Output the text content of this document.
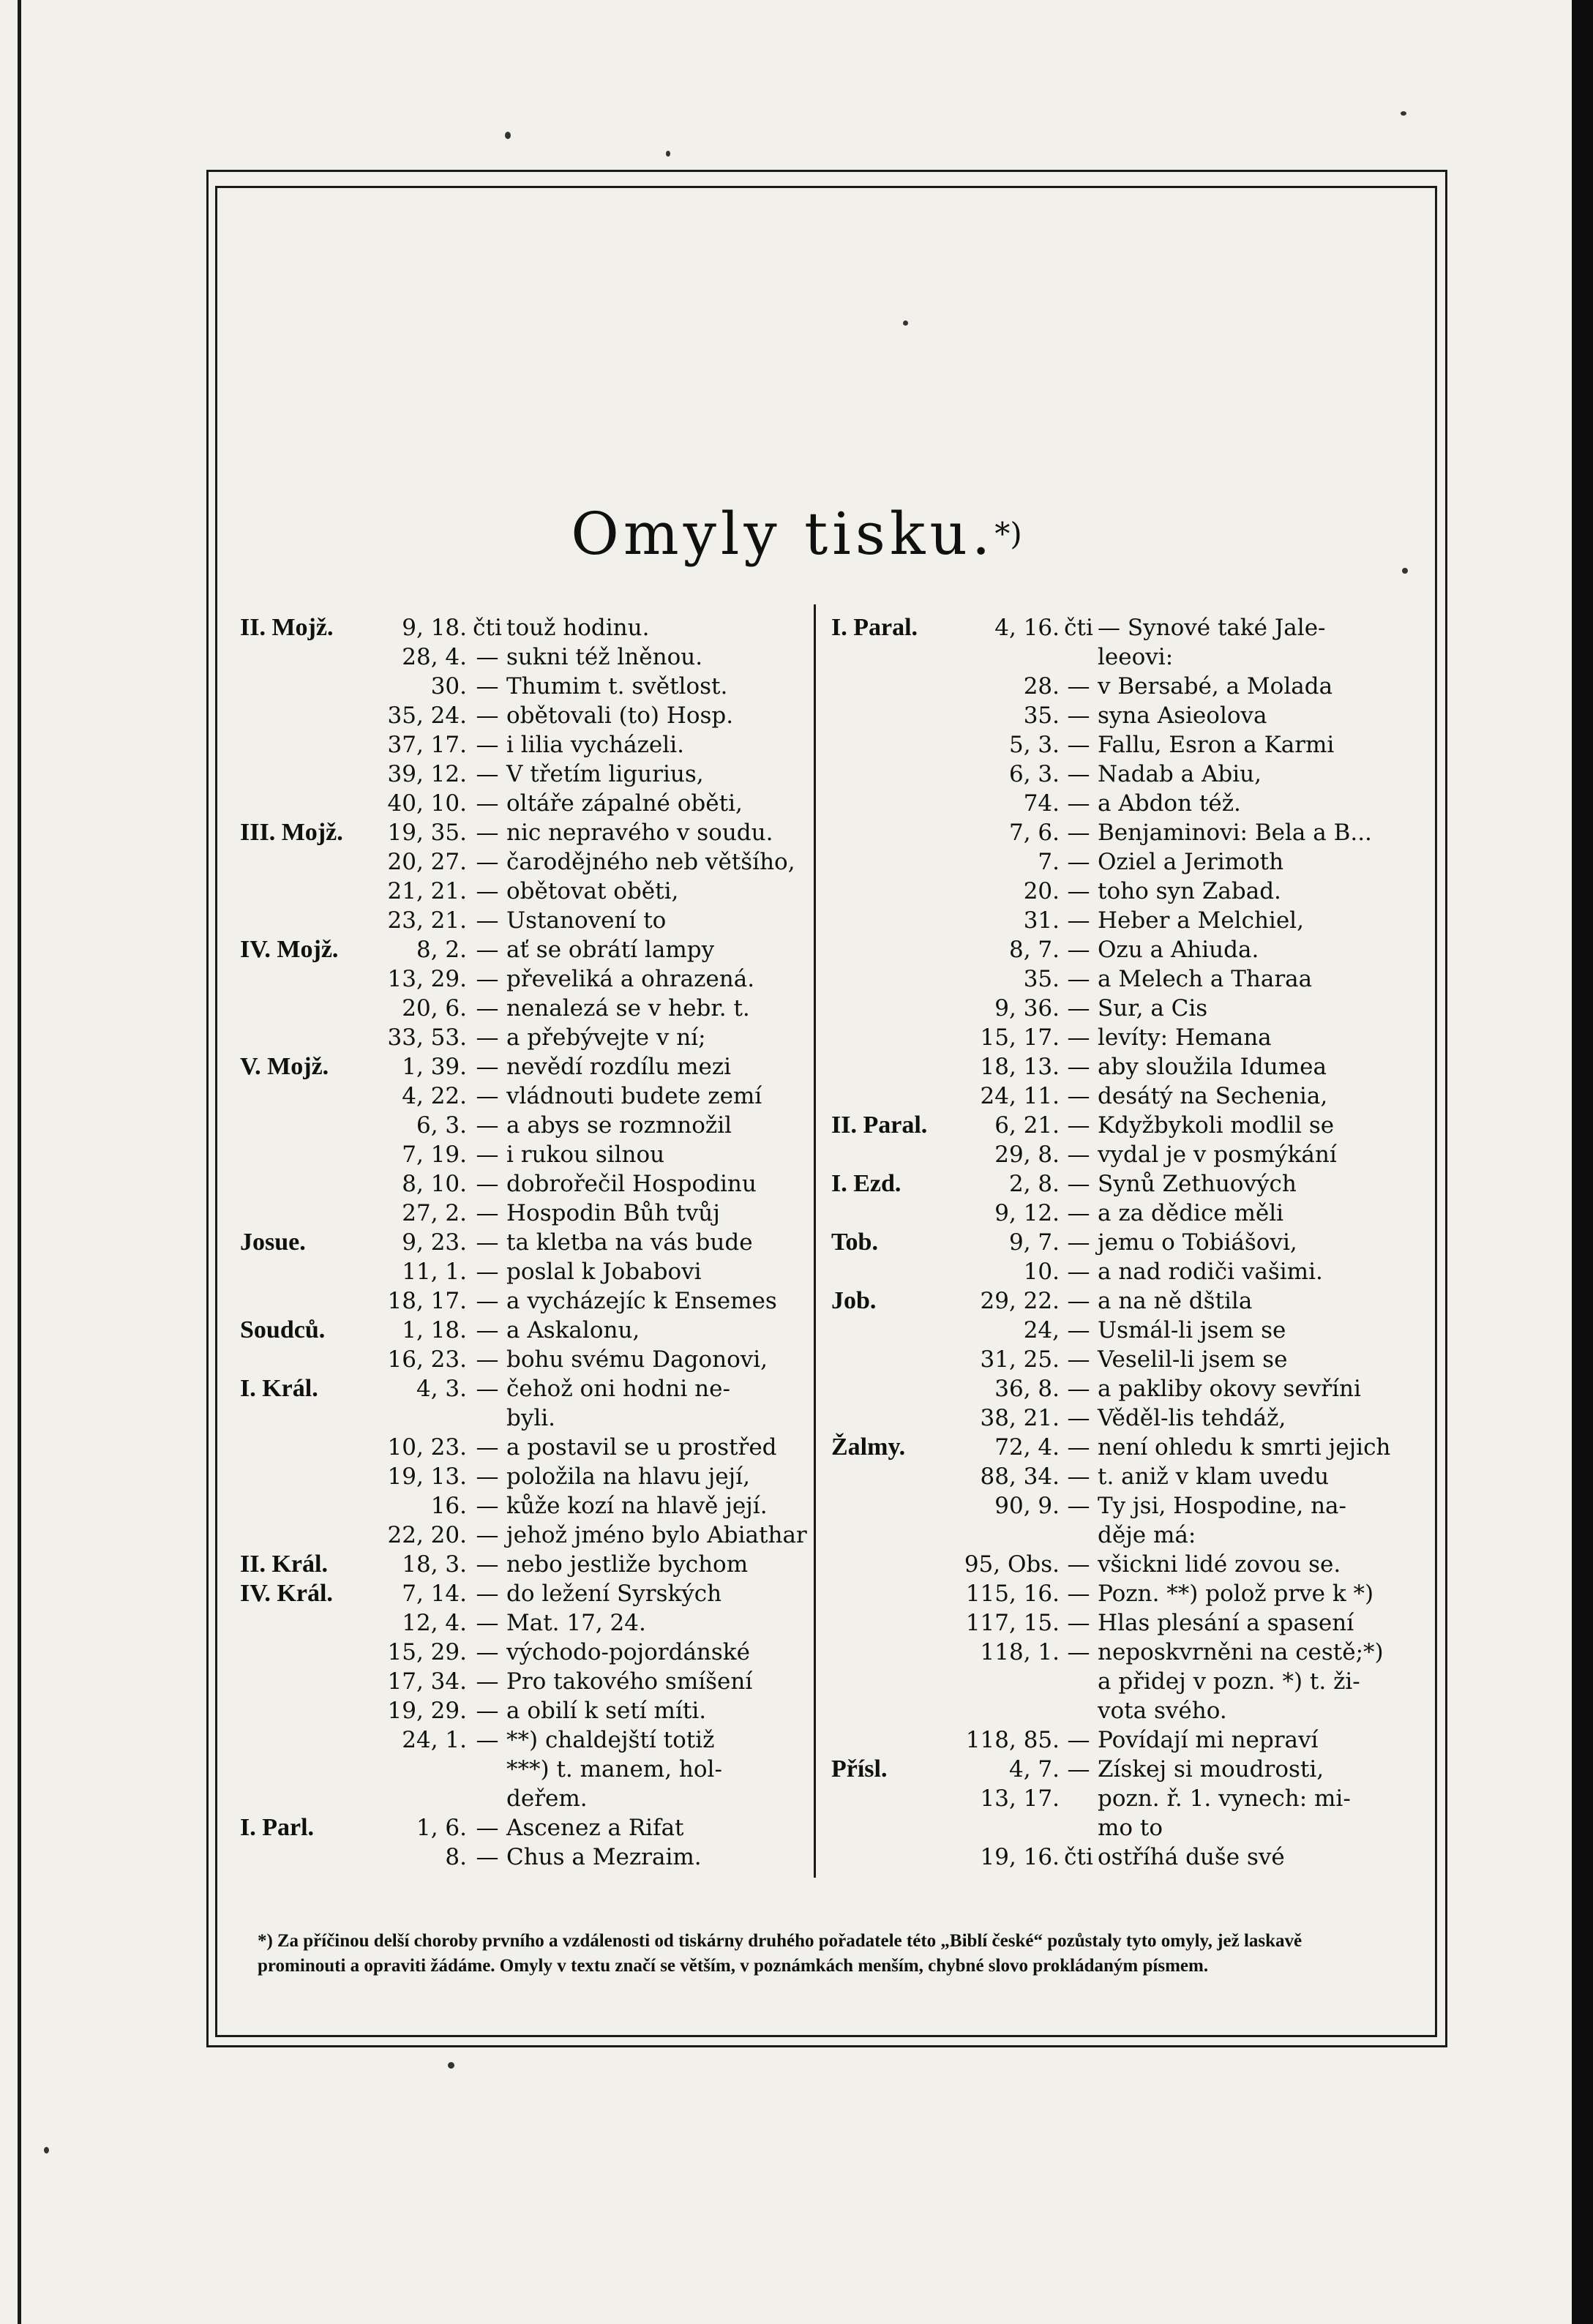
Omyly tisku.*)
II. Mojž.	9, 18. čti touž hodinu.
28, 4. — sukni též lněnou.
30. — Thumim t. světlost.
35, 24. — obětovali (to) Hosp.
37, 17. — i lilia vycházeli.
39, 12. — V třetím ligurius,
40, 10. — oltáře zápalné oběti,
III. Mojž.	19, 35. — nic nepravého v soudu.
20, 27. — čarodějného neb většího,
21, 21. — obětovat oběti,
23, 21. — Ustanovení to
IV. Mojž.	8, 2. — ať se obrátí lampy
13, 29. — převeliká a ohrazená.
20, 6. — nenalezá se v hebr. t.
33, 53. — a přebývejte v ní;
V. Mojž.	1, 39. — nevědí rozdílu mezi
4, 22. — vládnouti budete zemí
6, 3. — a abys se rozmnožil
7, 19. — i rukou silnou
8, 10. — dobrořečil Hospodinu
27, 2. — Hospodin Bůh tvůj
Josue.	9, 23. — ta kletba na vás bude
11, 1. — poslal k Jobabovi
18, 17. — a vycházejíc k Ensemes
Soudců.	1, 18. — a Askalonu,
16, 23. — bohu svému Dagonovi,
I. Král.	4, 3. — čehož oni hodni ne-
byli.
10, 23. — a postavil se u prostřed
19, 13. — položila na hlavu její,
16. — kůže kozí na hlavě její.
22, 20. — jehož jméno bylo Abiathar
II. Král.	18, 3. — nebo jestliže bychom
IV. Král.	7, 14. — do ležení Syrských
12, 4. — Mat. 17, 24.
15, 29. — východo-pojordánské
17, 34. — Pro takového smíšení
19, 29. — a obilí k setí míti.
24, 1. — **) chaldejští totiž
***) t. manem, hol-
deřem.
I. Parl.	1, 6. — Ascenez a Rifat
8. — Chus a Mezraim.
I. Paral.	4, 16. čti — Synové také Jale-
leeovi:
28. — v Bersabé, a Molada
35. — syna Asieolova
5, 3. — Fallu, Esron a Karmi
6, 3. — Nadab a Abiu,
74. — a Abdon též.
7, 6. — Benjaminovi: Bela a B...
7. — Oziel a Jerimoth
20. — toho syn Zabad.
31. — Heber a Melchiel,
8, 7. — Ozu a Ahiuda.
35. — a Melech a Tharaa
9, 36. — Sur, a Cis
15, 17. — levíty: Hemana
18, 13. — aby sloužila Idumea
24, 11. — desátý na Sechenia,
II. Paral.	6, 21. — Kdyžbykoli modlil se
29, 8. — vydal je v posmýkání
I. Ezd.	2, 8. — Synů Zethuových
9, 12. — a za dědice měli
Tob.	9, 7. — jemu o Tobiášovi,
10. — a nad rodiči vašimi.
Job.	29, 22. — a na ně dštila
24, — Usmál-li jsem se
31, 25. — Veselil-li jsem se
36, 8. — a pakliby okovy sevříni
38, 21. — Věděl-lis tehdáž,
Žalmy.	72, 4. — není ohledu k smrti jejich
88, 34. — t. aniž v klam uvedu
90, 9. — Ty jsi, Hospodine, na-
děje má:
95, Obs. — všickni lidé zovou se.
115, 16. — Pozn. **) polož prve k *)
117, 15. — Hlas plesání a spasení
118, 1. — neposkvrněni na cestě;*)
a přidej v pozn. *) t. ži-
vota svého.
118, 85. — Povídají mi nepraví
Přísl.	4, 7. — Získej si moudrosti,
13, 17. pozn. ř. 1. vynech: mi-
mo to
19, 16. čti ostříhá duše své
*) Za příčinou delší choroby prvního a vzdálenosti od tiskárny druhého pořadatele této „Biblí české“ pozůstaly tyto omyly, jež laskavě prominouti a opraviti žádáme. Omyly v textu značí se větším, v poznámkách menším, chybné slovo prokládaným písmem.
